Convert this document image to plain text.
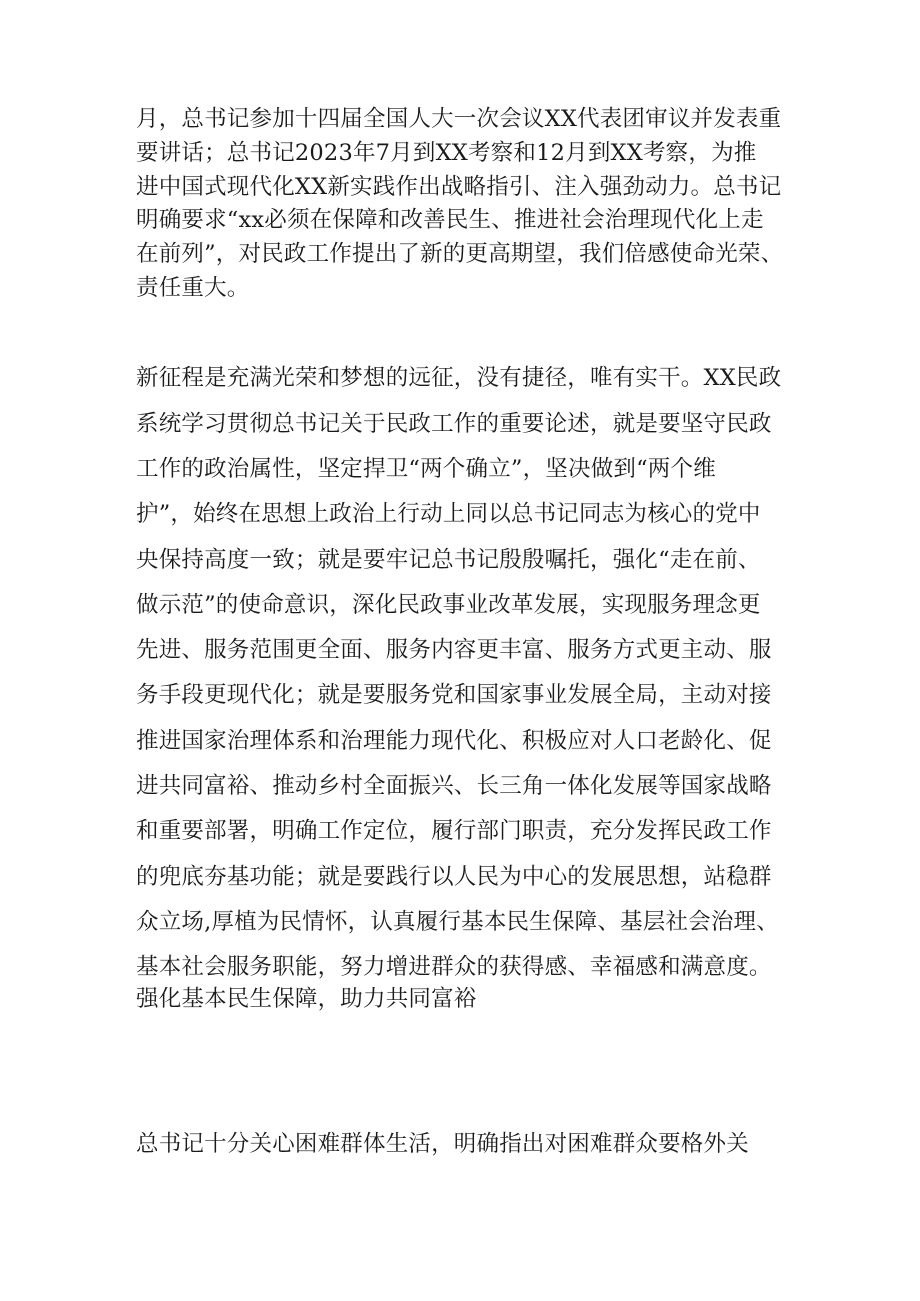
月，总书记参加十四届全国人大一次会议XX代表团审议并发表重
要讲话；总书记2023年7月到XX考察和12月到XX考察，为推
进中国式现代化XX新实践作出战略指引、注入强劲动力。总书记
明确要求“xx必须在保障和改善民生、推进社会治理现代化上走
在前列”，对民政工作提出了新的更高期望，我们倍感使命光荣、
责任重大。
新征程是充满光荣和梦想的远征，没有捷径，唯有实干。XX民政
系统学习贯彻总书记关于民政工作的重要论述，就是要坚守民政
工作的政治属性，坚定捍卫“两个确立”，坚决做到“两个维
护”，始终在思想上政治上行动上同以总书记同志为核心的党中
央保持高度一致；就是要牢记总书记殷殷嘱托，强化“走在前、
做示范”的使命意识，深化民政事业改革发展，实现服务理念更
先进、服务范围更全面、服务内容更丰富、服务方式更主动、服
务手段更现代化；就是要服务党和国家事业发展全局，主动对接
推进国家治理体系和治理能力现代化、积极应对人口老龄化、促
进共同富裕、推动乡村全面振兴、长三角一体化发展等国家战略
和重要部署，明确工作定位，履行部门职责，充分发挥民政工作
的兜底夯基功能；就是要践行以人民为中心的发展思想，站稳群
众立场,厚植为民情怀，认真履行基本民生保障、基层社会治理、
基本社会服务职能，努力增进群众的获得感、幸福感和满意度。
强化基本民生保障，助力共同富裕
总书记十分关心困难群体生活，明确指出对困难群众要格外关
